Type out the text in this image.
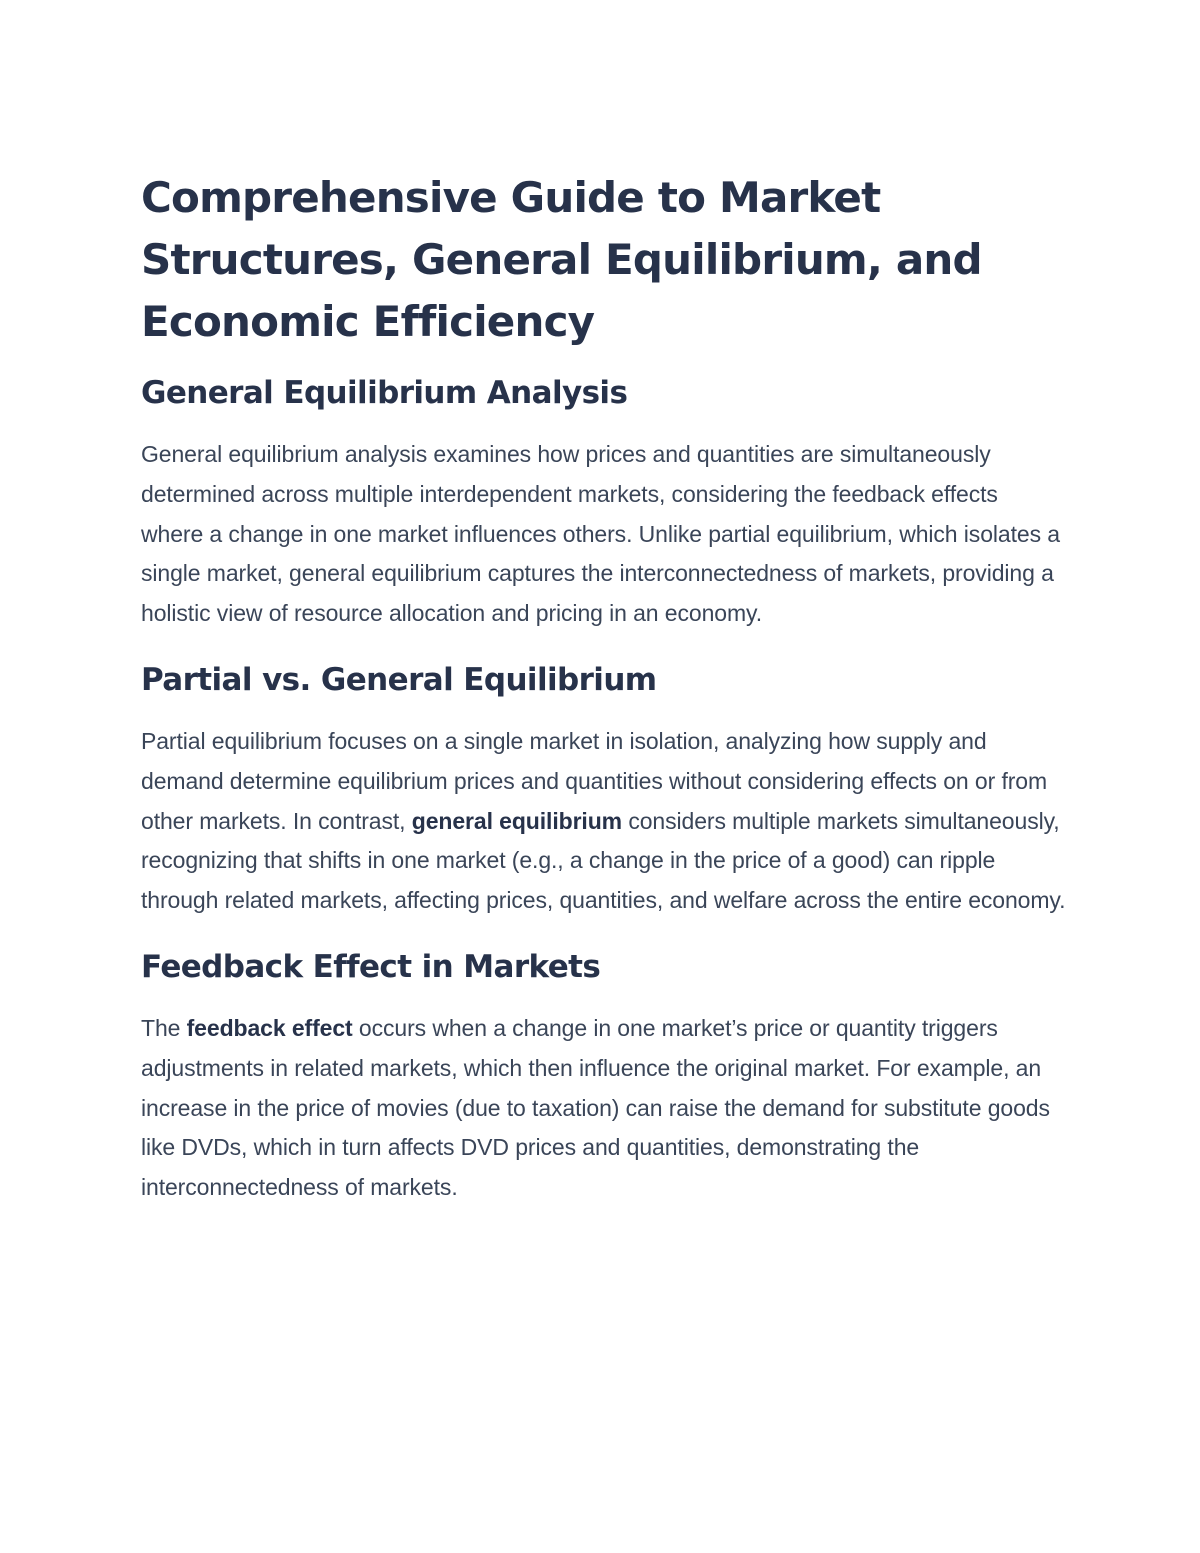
Comprehensive Guide to Market Structures, General Equilibrium, and Economic Efficiency
General Equilibrium Analysis

General equilibrium analysis examines how prices and quantities are simultaneously determined across multiple interdependent markets, considering the feedback effects where a change in one market influences others. Unlike partial equilibrium, which isolates a single market, general equilibrium captures the interconnectedness of markets, providing a holistic view of resource allocation and pricing in an economy.

Partial vs. General Equilibrium

Partial equilibrium focuses on a single market in isolation, analyzing how supply and demand determine equilibrium prices and quantities without considering effects on or from other markets. In contrast, general equilibrium considers multiple markets simultaneously, recognizing that shifts in one market (e.g., a change in the price of a good) can ripple through related markets, affecting prices, quantities, and welfare across the entire economy.

Feedback Effect in Markets

The feedback effect occurs when a change in one market’s price or quantity triggers adjustments in related markets, which then influence the original market. For example, an increase in the price of movies (due to taxation) can raise the demand for substitute goods like DVDs, which in turn affects DVD prices and quantities, demonstrating the interconnectedness of markets.
